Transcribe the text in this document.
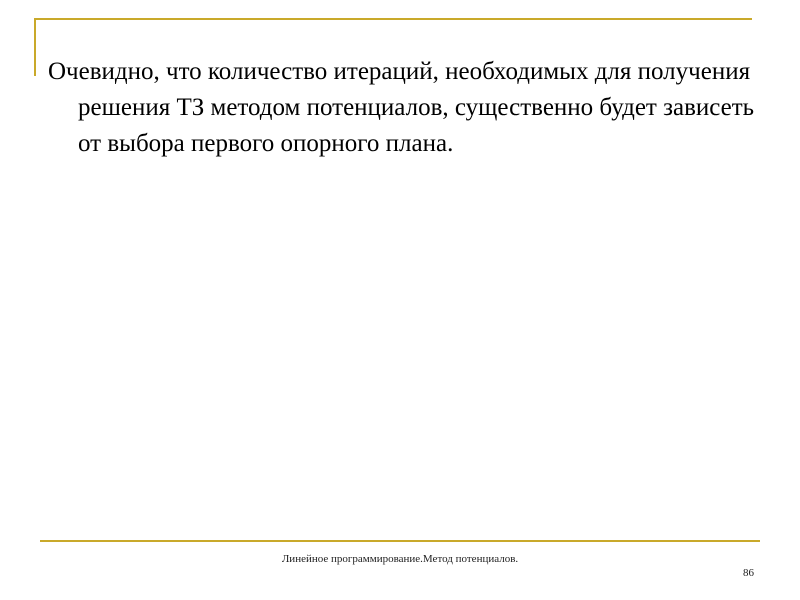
Очевидно, что количество итераций, необходимых для получения решения ТЗ методом потенциалов, существенно будет зависеть от выбора первого опорного плана.

Линейное программирование.Метод потенциалов.
86
